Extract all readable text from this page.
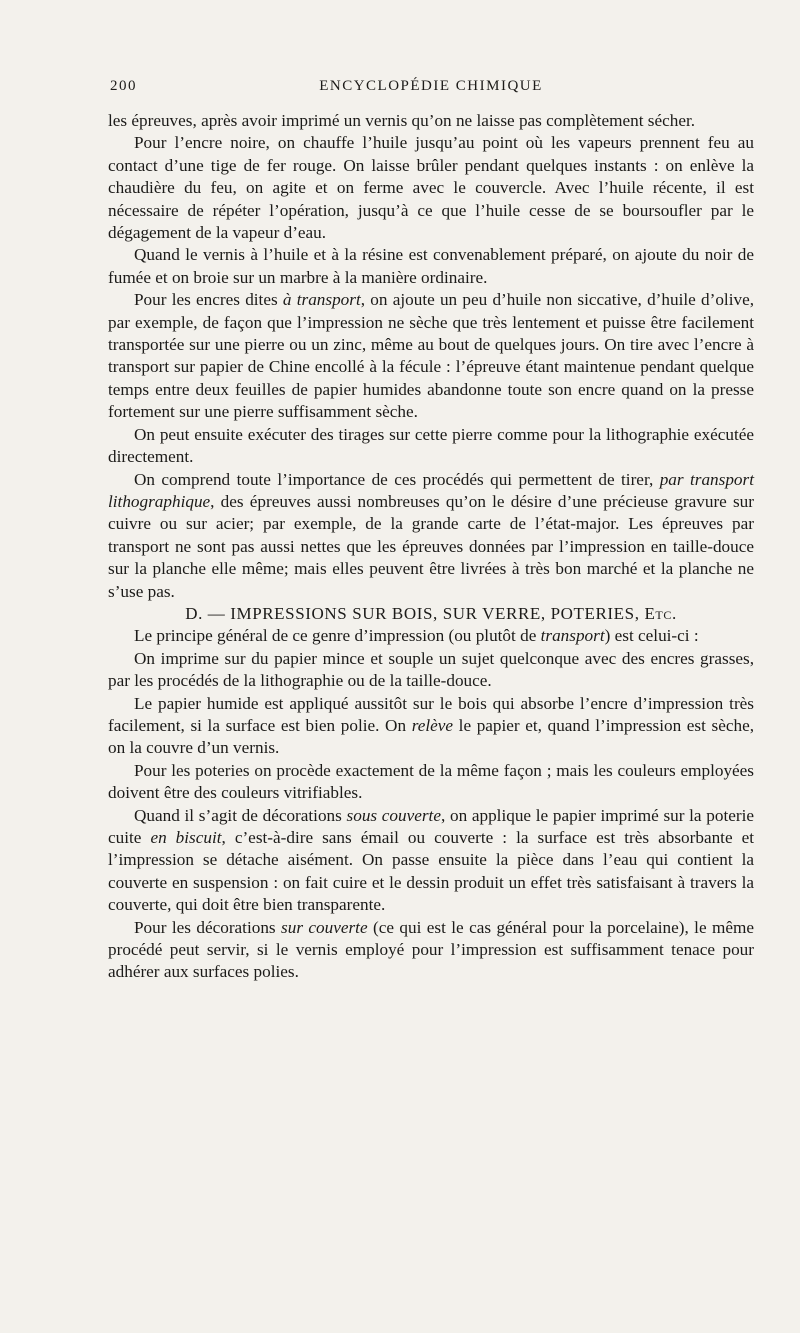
200	ENCYCLOPÉDIE CHIMIQUE

les épreuves, après avoir imprimé un vernis qu’on ne laisse pas complètement sécher.

Pour l’encre noire, on chauffe l’huile jusqu’au point où les vapeurs prennent feu au contact d’une tige de fer rouge. On laisse brûler pendant quelques instants : on enlève la chaudière du feu, on agite et on ferme avec le couvercle. Avec l’huile récente, il est nécessaire de répéter l’opération, jusqu’à ce que l’huile cesse de se boursoufler par le dégagement de la vapeur d’eau.

Quand le vernis à l’huile et à la résine est convenablement préparé, on ajoute du noir de fumée et on broie sur un marbre à la manière ordinaire.

Pour les encres dites à transport, on ajoute un peu d’huile non siccative, d’huile d’olive, par exemple, de façon que l’impression ne sèche que très lentement et puisse être facilement transportée sur une pierre ou un zinc, même au bout de quelques jours. On tire avec l’encre à transport sur papier de Chine encollé à la fécule : l’épreuve étant maintenue pendant quelque temps entre deux feuilles de papier humides abandonne toute son encre quand on la presse fortement sur une pierre suffisamment sèche.

On peut ensuite exécuter des tirages sur cette pierre comme pour la lithographie exécutée directement.

On comprend toute l’importance de ces procédés qui permettent de tirer, par transport lithographique, des épreuves aussi nombreuses qu’on le désire d’une précieuse gravure sur cuivre ou sur acier; par exemple, de la grande carte de l’état-major. Les épreuves par transport ne sont pas aussi nettes que les épreuves données par l’impression en taille-douce sur la planche elle même; mais elles peuvent être livrées à très bon marché et la planche ne s’use pas.

D. — IMPRESSIONS SUR BOIS, SUR VERRE, POTERIES, Etc.

Le principe général de ce genre d’impression (ou plutôt de transport) est celui-ci :

On imprime sur du papier mince et souple un sujet quelconque avec des encres grasses, par les procédés de la lithographie ou de la taille-douce.

Le papier humide est appliqué aussitôt sur le bois qui absorbe l’encre d’impression très facilement, si la surface est bien polie. On relève le papier et, quand l’impression est sèche, on la couvre d’un vernis.

Pour les poteries on procède exactement de la même façon ; mais les couleurs employées doivent être des couleurs vitrifiables.

Quand il s’agit de décorations sous couverte, on applique le papier imprimé sur la poterie cuite en biscuit, c’est-à-dire sans émail ou couverte : la surface est très absorbante et l’impression se détache aisément. On passe ensuite la pièce dans l’eau qui contient la couverte en suspension : on fait cuire et le dessin produit un effet très satisfaisant à travers la couverte, qui doit être bien transparente.

Pour les décorations sur couverte (ce qui est le cas général pour la porcelaine), le même procédé peut servir, si le vernis employé pour l’impression est suffisamment tenace pour adhérer aux surfaces polies.
